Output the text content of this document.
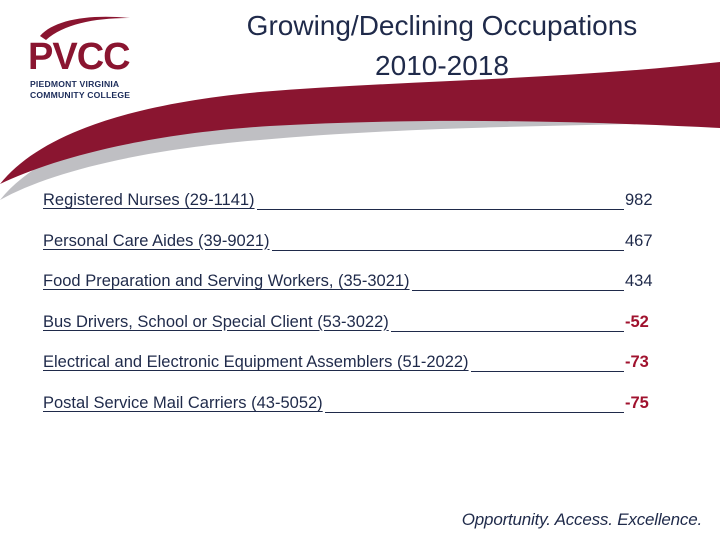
PVCC
PIEDMONT VIRGINIA
COMMUNITY COLLEGE
Growing/Declining Occupations
2010-2018
Registered Nurses (29-1141)	982
Personal Care Aides (39-9021)	467
Food Preparation and Serving Workers, (35-3021)	434
Bus Drivers, School or Special Client (53-3022)	-52
Electrical and Electronic Equipment Assemblers (51-2022)	-73
Postal Service Mail Carriers (43-5052)	-75
Opportunity. Access. Excellence.
